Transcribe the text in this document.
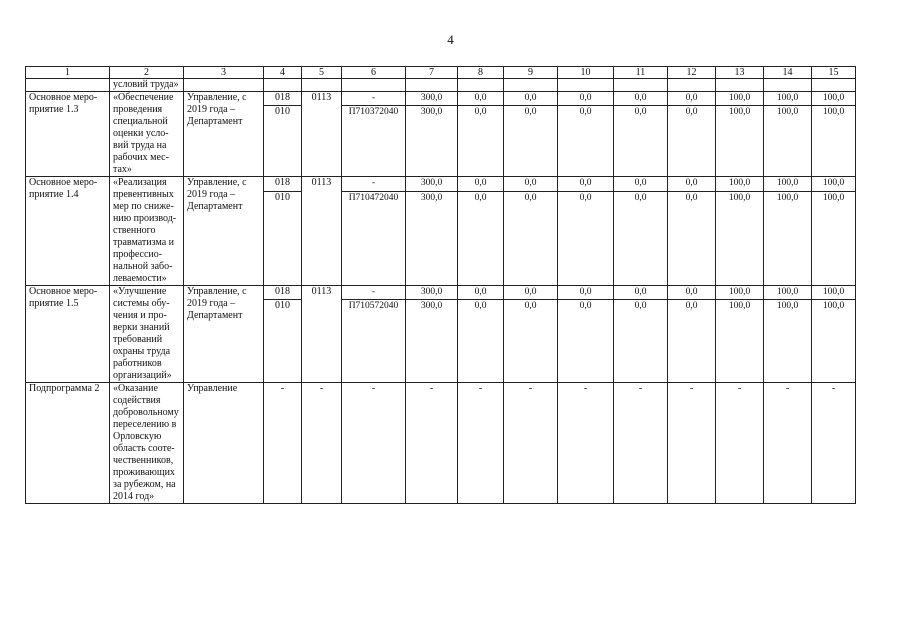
4
1	2	3	4	5	6	7	8	9	10	11	12	13	14	15
	условий труда»													
Основное меро-приятие 1.3	«Обеспечение проведения специальной оценки усло-вий труда на рабочих мес-тах»	Управление, с 2019 года – Департамент	018	0113	-	300,0	0,0	0,0	0,0	0,0	0,0	100,0	100,0	100,0
			010		П710372040	300,0	0,0	0,0	0,0	0,0	0,0	100,0	100,0	100,0
Основное меро-приятие 1.4	«Реализация превентивных мер по сниже-нию производ-ственного травматизма и профессио-нальной забо-леваемости»	Управление, с 2019 года – Департамент	018	0113	-	300,0	0,0	0,0	0,0	0,0	0,0	100,0	100,0	100,0
			010		П710472040	300,0	0,0	0,0	0,0	0,0	0,0	100,0	100,0	100,0
Основное меро-приятие 1.5	«Улучшение системы обу-чения и про-верки знаний требований охраны труда работников организаций»	Управление, с 2019 года – Департамент	018	0113	-	300,0	0,0	0,0	0,0	0,0	0,0	100,0	100,0	100,0
			010		П710572040	300,0	0,0	0,0	0,0	0,0	0,0	100,0	100,0	100,0
Подпрограмма 2	«Оказание содействия добровольному переселению в Орловскую область сооте-чественников, проживающих за рубежом, на 2014 год»	Управление	-	-	-	-	-	-	-	-	-	-	-	-
